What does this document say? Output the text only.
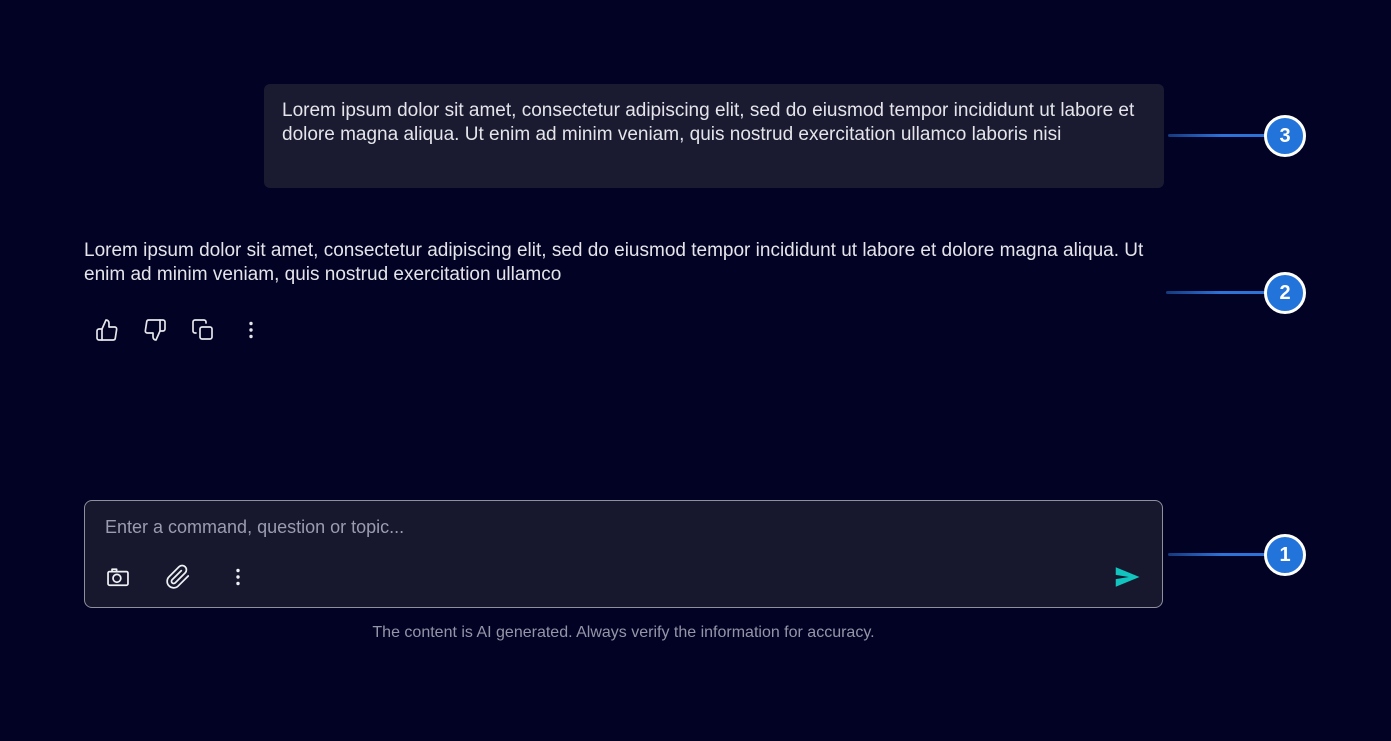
Lorem ipsum dolor sit amet, consectetur adipiscing elit, sed do eiusmod tempor incididunt ut labore et dolore magna aliqua. Ut enim ad minim veniam, quis nostrud exercitation ullamco laboris nisi
Lorem ipsum dolor sit amet, consectetur adipiscing elit, sed do eiusmod tempor incididunt ut labore et dolore magna aliqua. Ut enim ad minim veniam, quis nostrud exercitation ullamco
Enter a command, question or topic...
The content is AI generated. Always verify the information for accuracy.
3
2
1
